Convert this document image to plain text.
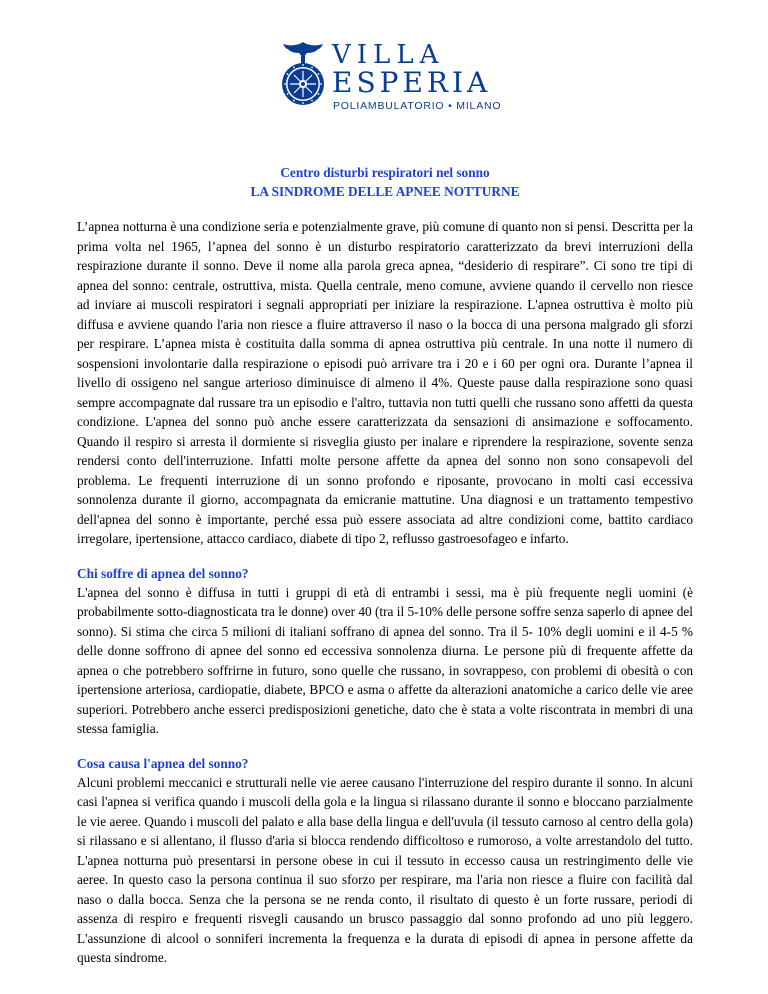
VILLA
ESPERIA
POLIAMBULATORIO • MILANO

Centro disturbi respiratori nel sonno
LA SINDROME DELLE APNEE NOTTURNE

L’apnea notturna è una condizione seria e potenzialmente grave, più comune di quanto non si pensi. Descritta per la prima volta nel 1965, l’apnea del sonno è un disturbo respiratorio caratterizzato da brevi interruzioni della respirazione durante il sonno. Deve il nome alla parola greca apnea, “desiderio di respirare”. Ci sono tre tipi di apnea del sonno: centrale, ostruttiva, mista. Quella centrale, meno comune, avviene quando il cervello non riesce ad inviare ai muscoli respiratori i segnali appropriati per iniziare la respirazione. L'apnea ostruttiva è molto più diffusa e avviene quando l'aria non riesce a fluire attraverso il naso o la bocca di una persona malgrado gli sforzi per respirare. L’apnea mista è costituita dalla somma di apnea ostruttiva più centrale. In una notte il numero di sospensioni involontarie dalla respirazione o episodi può arrivare tra i 20 e i 60 per ogni ora. Durante l’apnea il livello di ossigeno nel sangue arterioso diminuisce di almeno il 4%. Queste pause dalla respirazione sono quasi sempre accompagnate dal russare tra un episodio e l'altro, tuttavia non tutti quelli che russano sono affetti da questa condizione. L'apnea del sonno può anche essere caratterizzata da sensazioni di ansimazione e soffocamento. Quando il respiro si arresta il dormiente si risveglia giusto per inalare e riprendere la respirazione, sovente senza rendersi conto dell'interruzione. Infatti molte persone affette da apnea del sonno non sono consapevoli del problema. Le frequenti interruzione di un sonno profondo e riposante, provocano in molti casi eccessiva sonnolenza durante il giorno, accompagnata da emicranie mattutine. Una diagnosi e un trattamento tempestivo dell'apnea del sonno è importante, perché essa può essere associata ad altre condizioni come, battito cardiaco irregolare, ipertensione, attacco cardiaco, diabete di tipo 2, reflusso gastroesofageo e infarto.

Chi soffre di apnea del sonno?

L'apnea del sonno è diffusa in tutti i gruppi di età di entrambi i sessi, ma è più frequente negli uomini (è probabilmente sotto-diagnosticata tra le donne) over 40 (tra il 5-10% delle persone soffre senza saperlo di apnee del sonno). Si stima che circa 5 milioni di italiani soffrano di apnea del sonno. Tra il 5- 10% degli uomini e il 4-5 % delle donne soffrono di apnee del sonno ed eccessiva sonnolenza diurna. Le persone più di frequente affette da apnea o che potrebbero soffrirne in futuro, sono quelle che russano, in sovrappeso, con problemi di obesità o con ipertensione arteriosa, cardiopatie, diabete, BPCO e asma o affette da alterazioni anatomiche a carico delle vie aree superiori. Potrebbero anche esserci predisposizioni genetiche, dato che è stata a volte riscontrata in membri di una stessa famiglia.

Cosa causa l'apnea del sonno?

Alcuni problemi meccanici e strutturali nelle vie aeree causano l'interruzione del respiro durante il sonno. In alcuni casi l'apnea si verifica quando i muscoli della gola e la lingua si rilassano durante il sonno e bloccano parzialmente le vie aeree. Quando i muscoli del palato e alla base della lingua e dell'uvula (il tessuto carnoso al centro della gola) si rilassano e si allentano, il flusso d'aria si blocca rendendo difficoltoso e rumoroso, a volte arrestandolo del tutto. L'apnea notturna può presentarsi in persone obese in cui il tessuto in eccesso causa un restringimento delle vie aeree. In questo caso la persona continua il suo sforzo per respirare, ma l'aria non riesce a fluire con facilità dal naso o dalla bocca. Senza che la persona se ne renda conto, il risultato di questo è un forte russare, periodi di assenza di respiro e frequenti risvegli causando un brusco passaggio dal sonno profondo ad uno più leggero. L'assunzione di alcool o sonniferi incrementa la frequenza e la durata di episodi di apnea in persone affette da questa sindrome.
